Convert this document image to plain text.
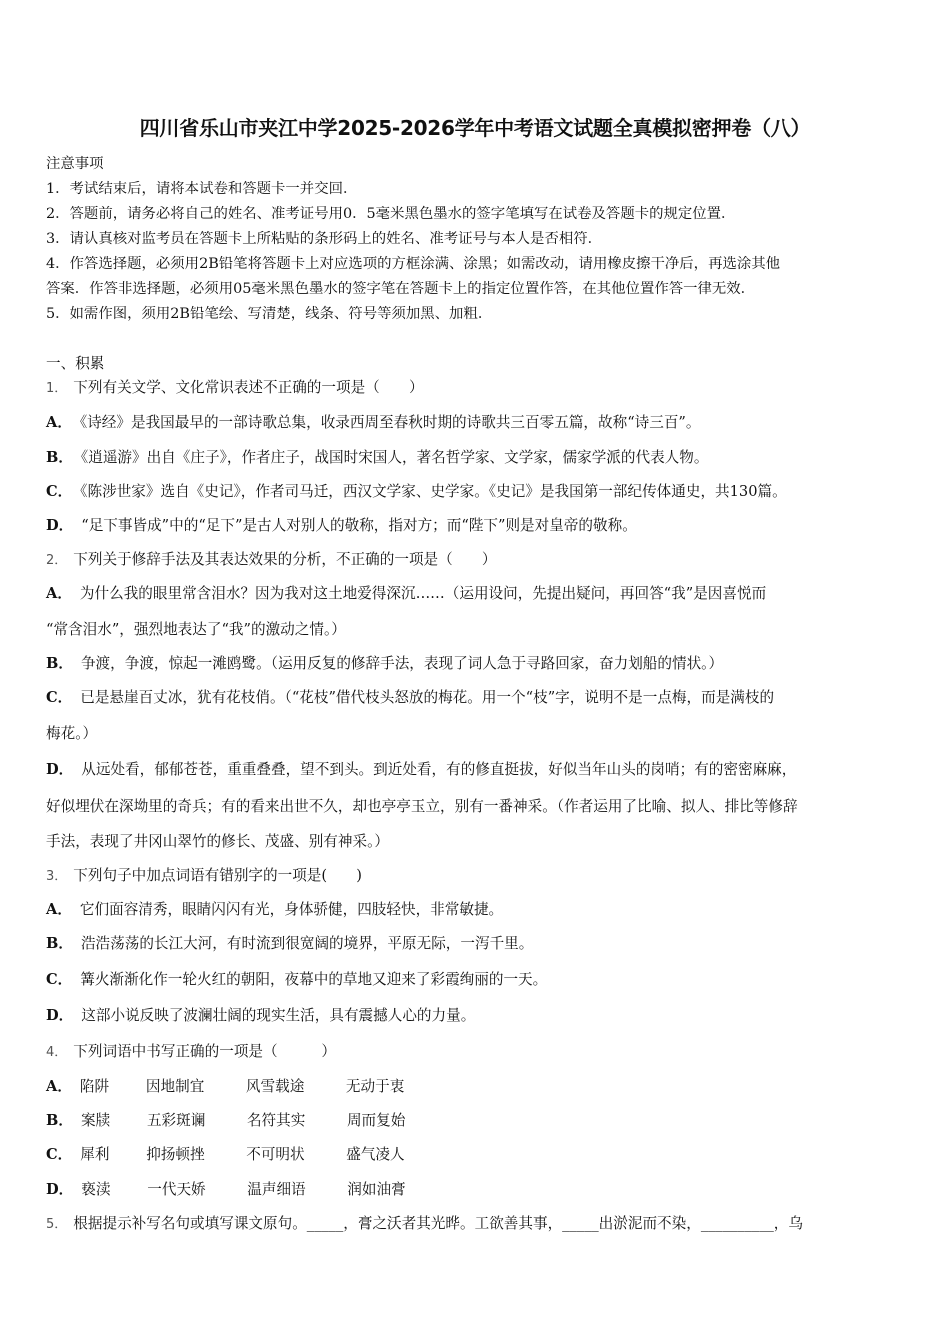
四川省乐山市夹江中学2025-2026学年中考语文试题全真模拟密押卷（八）
注意事项
1．考试结束后，请将本试卷和答题卡一并交回．
2．答题前，请务必将自己的姓名、准考证号用0．5毫米黑色墨水的签字笔填写在试卷及答题卡的规定位置．
3．请认真核对监考员在答题卡上所粘贴的条形码上的姓名、准考证号与本人是否相符．
4．作答选择题，必须用2B铅笔将答题卡上对应选项的方框涂满、涂黑；如需改动，请用橡皮擦干净后，再选涂其他
答案．作答非选择题，必须用05毫米黑色墨水的签字笔在答题卡上的指定位置作答，在其他位置作答一律无效．
5．如需作图，须用2B铅笔绘、写清楚，线条、符号等须加黑、加粗．
一、积累
1． 下列有关文学、文化常识表述不正确的一项是（　　）
A． 《诗经》是我国最早的一部诗歌总集，收录西周至春秋时期的诗歌共三百零五篇，故称“诗三百”。
B． 《逍遥游》出自《庄子》，作者庄子，战国时宋国人，著名哲学家、文学家，儒家学派的代表人物。
C． 《陈涉世家》选自《史记》，作者司马迁，西汉文学家、史学家。《史记》是我国第一部纪传体通史，共130篇。
D． “足下事皆成”中的“足下”是古人对别人的敬称，指对方；而“陛下”则是对皇帝的敬称。
2． 下列关于修辞手法及其表达效果的分析，不正确的一项是（　　）
A． 为什么我的眼里常含泪水？因为我对这土地爱得深沉……（运用设问，先提出疑问，再回答“我”是因喜悦而
“常含泪水”，强烈地表达了“我”的激动之情。）
B． 争渡，争渡，惊起一滩鸥鹭。（运用反复的修辞手法，表现了词人急于寻路回家，奋力划船的情状。）
C． 已是悬崖百丈冰，犹有花枝俏。（“花枝”借代枝头怒放的梅花。用一个“枝”字，说明不是一点梅，而是满枝的
梅花。）
D． 从远处看，郁郁苍苍，重重叠叠，望不到头。到近处看，有的修直挺拔，好似当年山头的岗哨；有的密密麻麻，
好似埋伏在深坳里的奇兵；有的看来出世不久，却也亭亭玉立，别有一番神采。（作者运用了比喻、拟人、排比等修辞
手法，表现了井冈山翠竹的修长、茂盛、别有神采。）
3． 下列句子中加点词语有错别字的一项是(　　)
A． 它们面容清秀，眼睛闪闪有光，身体骄健，四肢轻快，非常敏捷。
B． 浩浩荡荡的长江大河，有时流到很宽阔的境界，平原无际，一泻千里。
C． 篝火渐渐化作一轮火红的朝阳，夜幕中的草地又迎来了彩霞绚丽的一天。
D． 这部小说反映了波澜壮阔的现实生活，具有震撼人心的力量。
4． 下列词语中书写正确的一项是（　　　）
A． 陷阱	因地制宜	风雪载途	无动于衷
B． 案牍	五彩斑谰	名符其实	周而复始
C． 犀利	抑扬顿挫	不可明状	盛气凌人
D． 亵渎	一代天娇	温声细语	润如油膏
5． 根据提示补写名句或填写课文原句。_____，膏之沃者其光晔。工欲善其事，_____出淤泥而不染，__________，乌
